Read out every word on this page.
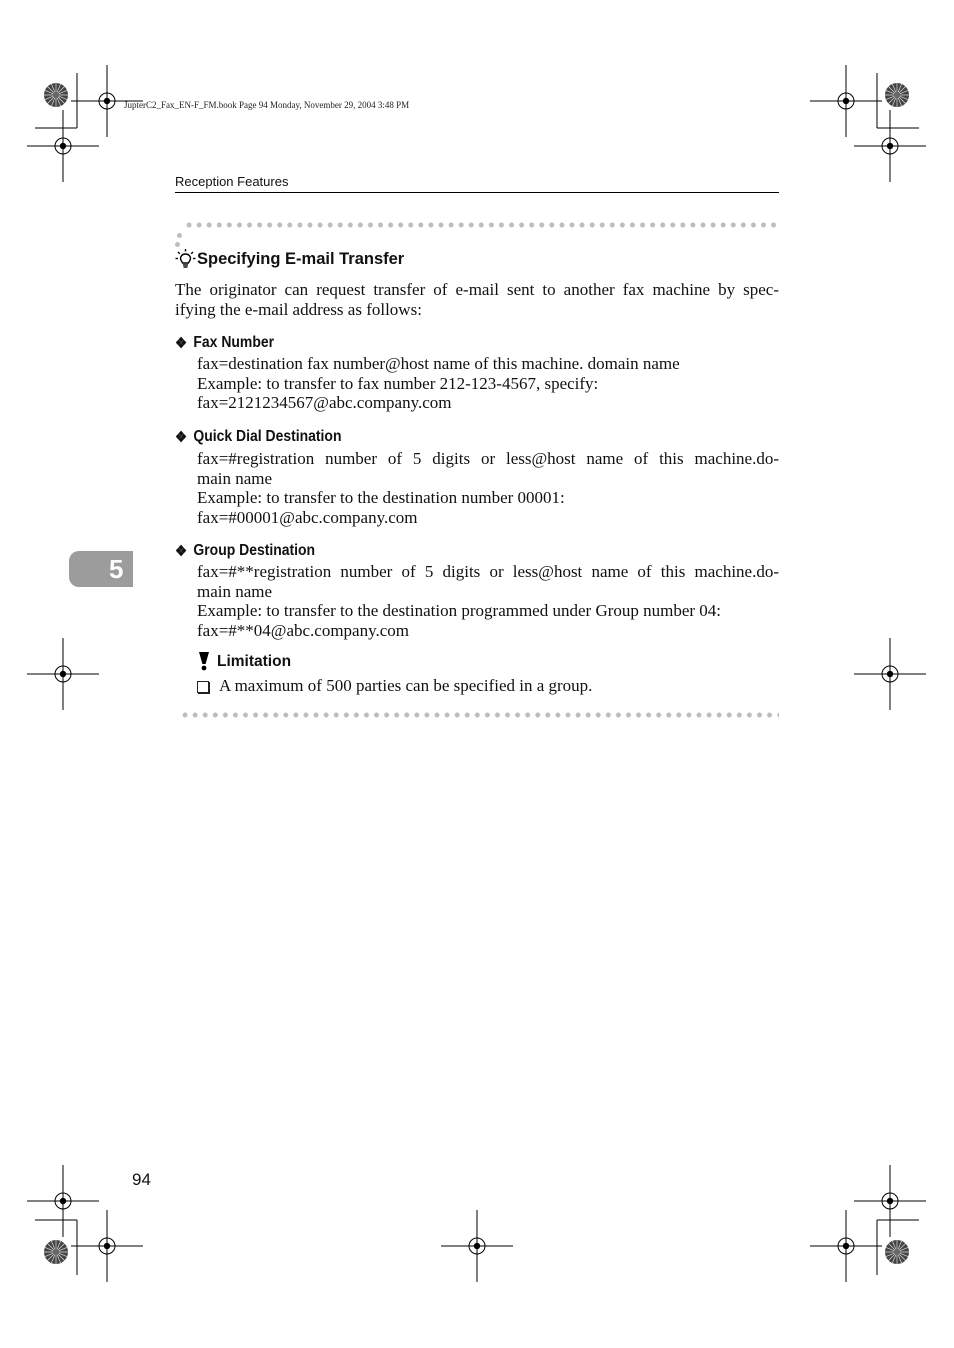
JupterC2_Fax_EN-F_FM.book Page 94 Monday, November 29, 2004 3:48 PM
Reception Features
Specifying E-mail Transfer
The originator can request transfer of e-mail sent to another fax machine by spec-
ifying the e-mail address as follows:
❖ Fax Number
fax=destination fax number@host name of this machine. domain name
Example: to transfer to fax number 212-123-4567, specify:
fax=2121234567@abc.company.com
❖ Quick Dial Destination
fax=#registration number of 5 digits or less@host name of this machine.do-
main name
Example: to transfer to the destination number 00001:
fax=#00001@abc.company.com
❖ Group Destination
fax=#**registration number of 5 digits or less@host name of this machine.do-
main name
Example: to transfer to the destination programmed under Group number 04:
fax=#**04@abc.company.com
Limitation
A maximum of 500 parties can be specified in a group.
5
94
